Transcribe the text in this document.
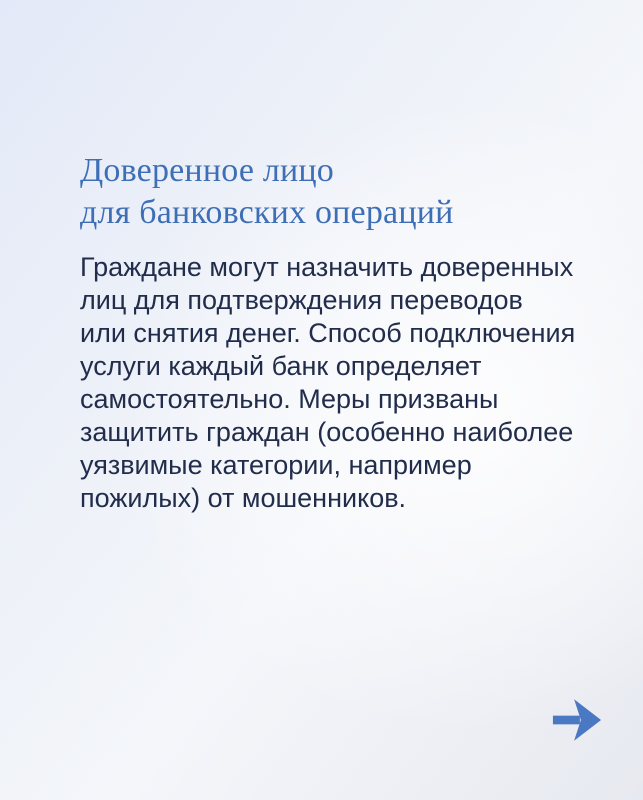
Доверенное лицо
для банковских операций
Граждане могут назначить доверенных
лиц для подтверждения переводов
или снятия денег. Способ подключения
услуги каждый банк определяет
самостоятельно. Меры призваны
защитить граждан (особенно наиболее
уязвимые категории, например
пожилых) от мошенников.
